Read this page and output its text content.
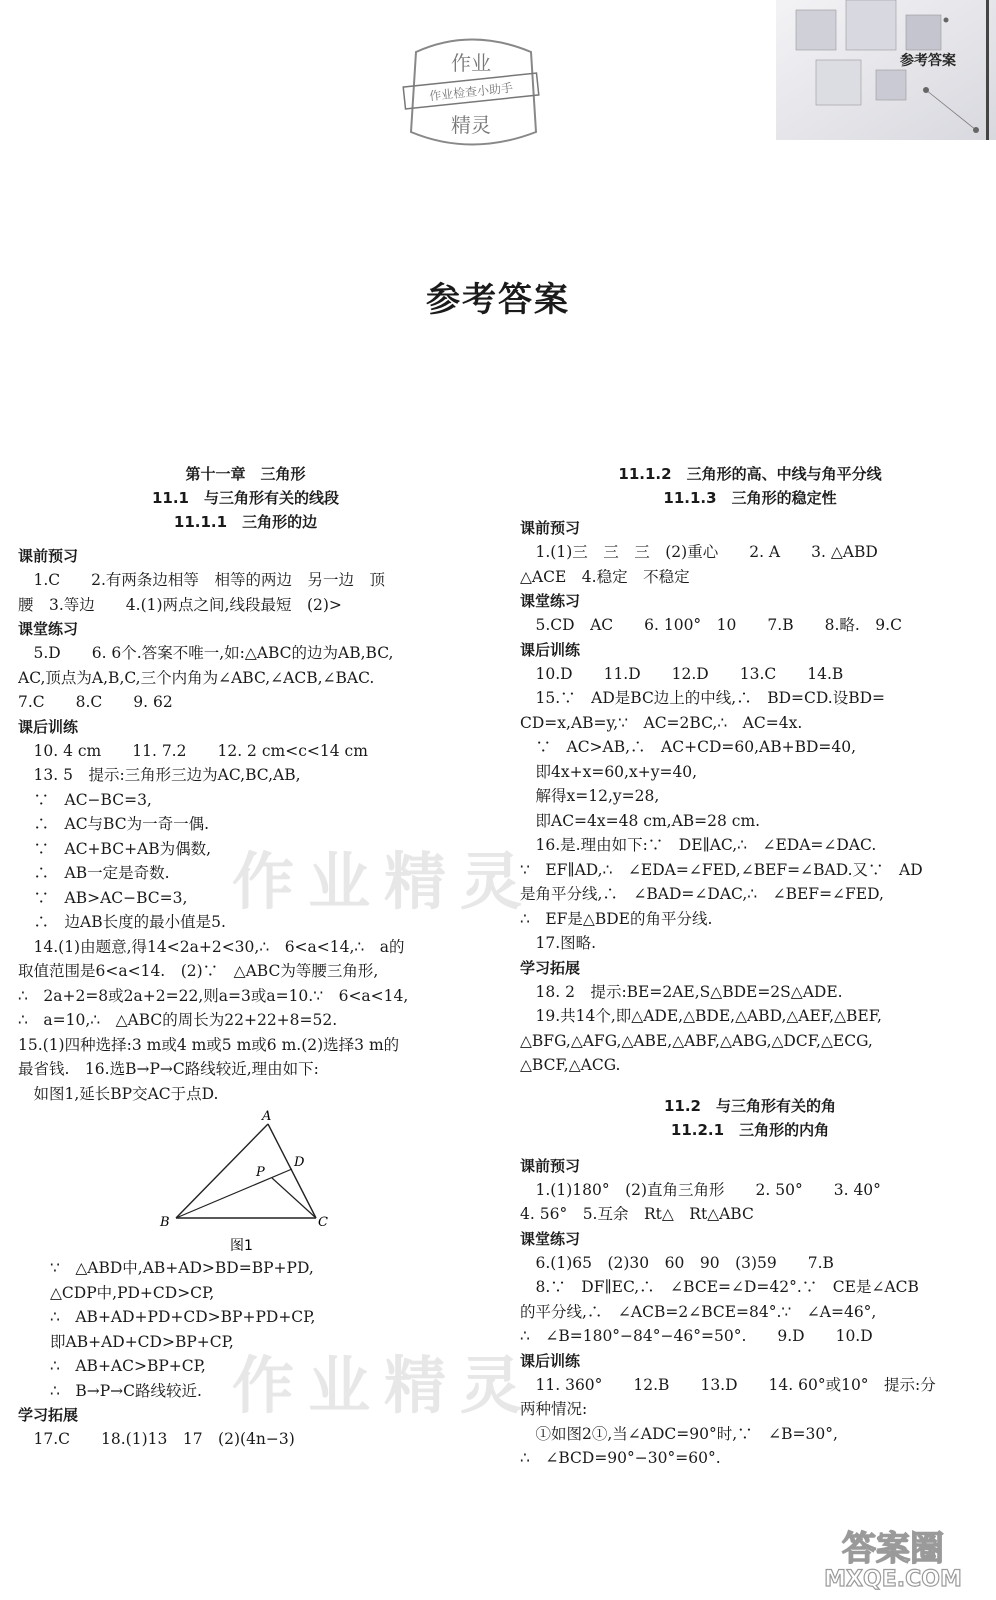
参考答案
作业
作业检查小助手
精灵
参考答案
第十一章　三角形
11.1　与三角形有关的线段
11.1.1　三角形的边
课前预习
　1.C　　2.有两条边相等　相等的两边　另一边　顶
腰　3.等边　　4.(1)两点之间,线段最短　(2)>
课堂练习
　5.D　　6. 6个.答案不唯一,如:△ABC的边为AB,BC,
AC,顶点为A,B,C,三个内角为∠ABC,∠ACB,∠BAC.
7.C　　8.C　　9. 62
课后训练
　10. 4 cm　　11. 7.2　　12. 2 cm<c<14 cm
　13. 5　提示:三角形三边为AC,BC,AB,
　∵　AC−BC=3,
　∴　AC与BC为一奇一偶.
　∵　AC+BC+AB为偶数,
　∴　AB一定是奇数.
　∵　AB>AC−BC=3,
　∴　边AB长度的最小值是5.
　14.(1)由题意,得14<2a+2<30,∴　6<a<14,∴　a的
取值范围是6<a<14.　(2)∵　△ABC为等腰三角形,
∴　2a+2=8或2a+2=22,则a=3或a=10.∵　6<a<14,
∴　a=10,∴　△ABC的周长为22+22+8=52.
15.(1)四种选择:3 m或4 m或5 m或6 m.(2)选择3 m的
最省钱.　16.选B→P→C路线较近,理由如下:
　如图1,延长BP交AC于点D.
A
B	C
P
D
图1
∵　△ABD中,AB+AD>BD=BP+PD,
△CDP中,PD+CD>CP,
∴　AB+AD+PD+CD>BP+PD+CP,
即AB+AD+CD>BP+CP,
∴　AB+AC>BP+CP,
∴　B→P→C路线较近.
学习拓展
　17.C　　18.(1)13　17　(2)(4n−3)
作业精灵
作业精灵
11.1.2　三角形的高、中线与角平分线
11.1.3　三角形的稳定性
课前预习
　1.(1)三　三　三　(2)重心　　2. A　　3. △ABD
△ACE　4.稳定　不稳定
课堂练习
　5.CD　AC　　6. 100°　10　　7.B　　8.略.　9.C
课后训练
　10.D　　11.D　　12.D　　13.C　　14.B
　15.∵　AD是BC边上的中线,∴　BD=CD.设BD=
CD=x,AB=y,∵　AC=2BC,∴　AC=4x.
　∵　AC>AB,∴　AC+CD=60,AB+BD=40,
　即4x+x=60,x+y=40,
　解得x=12,y=28,
　即AC=4x=48 cm,AB=28 cm.
　16.是.理由如下:∵　DE∥AC,∴　∠EDA=∠DAC.
∵　EF∥AD,∴　∠EDA=∠FED,∠BEF=∠BAD.又∵　AD
是角平分线,∴　∠BAD=∠DAC,∴　∠BEF=∠FED,
∴　EF是△BDE的角平分线.
　17.图略.
学习拓展
　18. 2　提示:BE=2AE,S△BDE=2S△ADE.
　19.共14个,即△ADE,△BDE,△ABD,△AEF,△BEF,
△BFG,△AFG,△ABE,△ABF,△ABG,△DCF,△ECG,
△BCF,△ACG.
11.2　与三角形有关的角
11.2.1　三角形的内角
课前预习
　1.(1)180°　(2)直角三角形　　2. 50°　　3. 40°
4. 56°　5.互余　Rt△　Rt△ABC
课堂练习
　6.(1)65　(2)30　60　90　(3)59　　7.B
　8.∵　DF∥EC,∴　∠BCE=∠D=42°.∵　CE是∠ACB
的平分线,∴　∠ACB=2∠BCE=84°.∵　∠A=46°,
∴　∠B=180°−84°−46°=50°.　　9.D　　10.D
课后训练
　11. 360°　　12.B　　13.D　　14. 60°或10°　提示:分
两种情况:
　①如图2①,当∠ADC=90°时,∵　∠B=30°,
∴　∠BCD=90°−30°=60°.
答案圈
MXQE.COM
